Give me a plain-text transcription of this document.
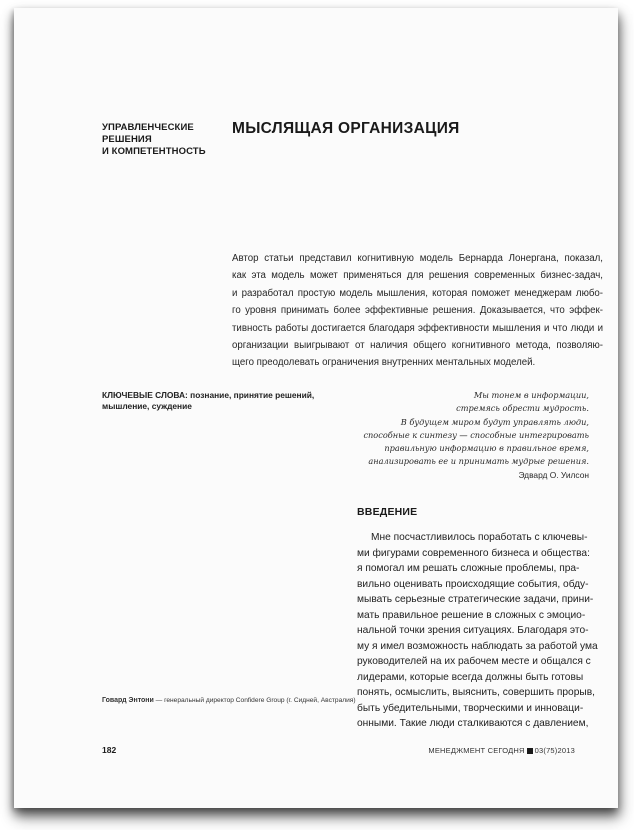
УПРАВЛЕНЧЕСКИЕ
РЕШЕНИЯ
И КОМПЕТЕНТНОСТЬ
МЫСЛЯЩАЯ ОРГАНИЗАЦИЯ
Автор статьи представил когнитивную модель Бернарда Лонергана, показал,
как эта модель может применяться для решения современных бизнес-задач,
и разработал простую модель мышления, которая поможет менеджерам любо-
го уровня принимать более эффективные решения. Доказывается, что эффек-
тивность работы достигается благодаря эффективности мышления и что люди и
организации выигрывают от наличия общего когнитивного метода, позволяю-
щего преодолевать ограничения внутренних ментальных моделей.
КЛЮЧЕВЫЕ СЛОВА: познание, принятие решений, мышление, суждение
Мы тонем в информации,
стремясь обрести мудрость.
В будущем миром будут управлять люди,
способные к синтезу — способные интегрировать
правильную информацию в правильное время,
анализировать ее и принимать мудрые решения.
Эдвард О. Уилсон
ВВЕДЕНИЕ
Мне посчастливилось поработать с ключевы-
ми фигурами современного бизнеса и общества:
я помогал им решать сложные проблемы, пра-
вильно оценивать происходящие события, обду-
мывать серьезные стратегические задачи, прини-
мать правильное решение в сложных с эмоцио-
нальной точки зрения ситуациях. Благодаря это-
му я имел возможность наблюдать за работой ума
руководителей на их рабочем месте и общался с
лидерами, которые всегда должны быть готовы
понять, осмыслить, выяснить, совершить прорыв,
быть убедительными, творческими и инноваци-
онными. Такие люди сталкиваются с давлением,
Говард Энтони — генеральный директор Confidere Group (г. Сидней, Австралия)
182	МЕНЕДЖМЕНТ СЕГОДНЯ 03(75)2013
